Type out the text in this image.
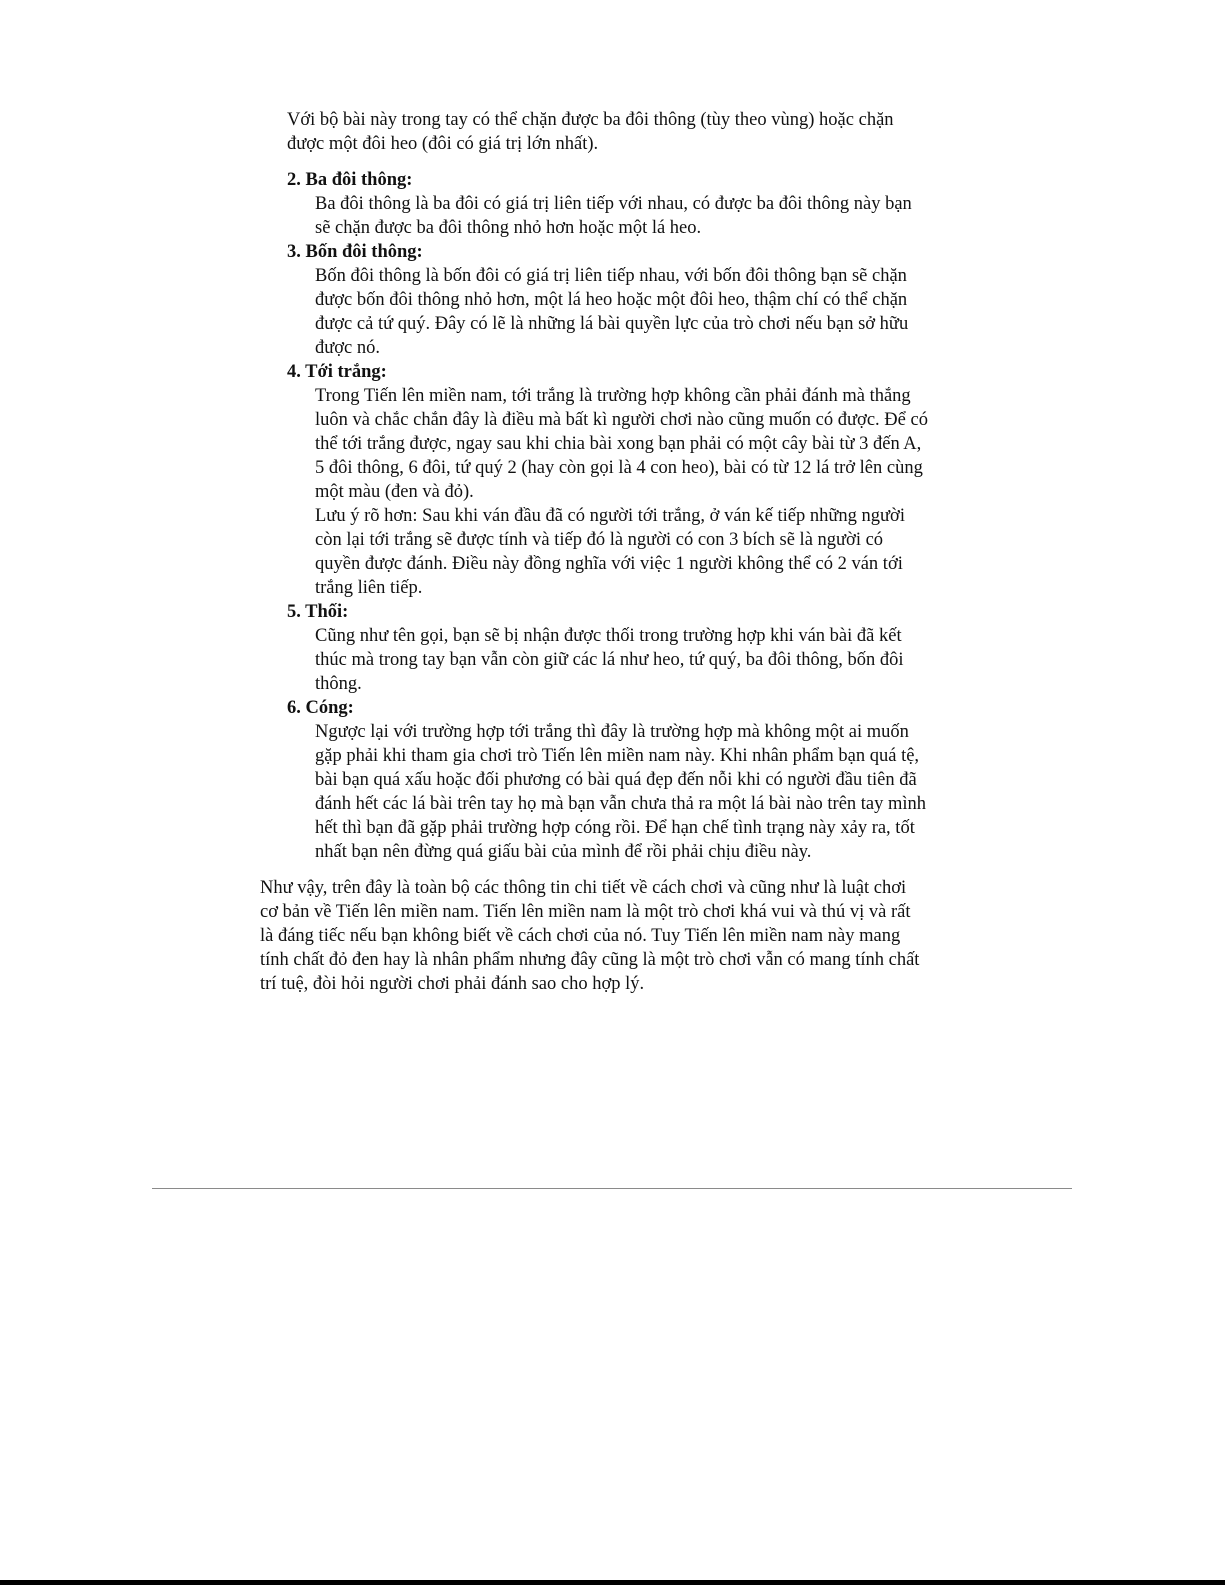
Với bộ bài này trong tay có thể chặn được ba đôi thông (tùy theo vùng) hoặc chặn
được một đôi heo (đôi có giá trị lớn nhất).
2. Ba đôi thông:
Ba đôi thông là ba đôi có giá trị liên tiếp với nhau, có được ba đôi thông này bạn
sẽ chặn được ba đôi thông nhỏ hơn hoặc một lá heo.
3. Bốn đôi thông:
Bốn đôi thông là bốn đôi có giá trị liên tiếp nhau, với bốn đôi thông bạn sẽ chặn
được bốn đôi thông nhỏ hơn, một lá heo hoặc một đôi heo, thậm chí có thể chặn
được cả tứ quý. Đây có lẽ là những lá bài quyền lực của trò chơi nếu bạn sở hữu
được nó.
4. Tới trắng:
Trong Tiến lên miền nam, tới trắng là trường hợp không cần phải đánh mà thắng
luôn và chắc chắn đây là điều mà bất kì người chơi nào cũng muốn có được. Để có
thể tới trắng được, ngay sau khi chia bài xong bạn phải có một cây bài từ 3 đến A,
5 đôi thông, 6 đôi, tứ quý 2 (hay còn gọi là 4 con heo), bài có từ 12 lá trở lên cùng
một màu (đen và đỏ).
Lưu ý rõ hơn: Sau khi ván đầu đã có người tới trắng, ở ván kế tiếp những người
còn lại tới trắng sẽ được tính và tiếp đó là người có con 3 bích sẽ là người có
quyền được đánh. Điều này đồng nghĩa với việc 1 người không thể có 2 ván tới
trắng liên tiếp.
5. Thối:
Cũng như tên gọi, bạn sẽ bị nhận được thối trong trường hợp khi ván bài đã kết
thúc mà trong tay bạn vẫn còn giữ các lá như heo, tứ quý, ba đôi thông, bốn đôi
thông.
6. Cóng:
Ngược lại với trường hợp tới trắng thì đây là trường hợp mà không một ai muốn
gặp phải khi tham gia chơi trò Tiến lên miền nam này. Khi nhân phẩm bạn quá tệ,
bài bạn quá xấu hoặc đối phương có bài quá đẹp đến nỗi khi có người đầu tiên đã
đánh hết các lá bài trên tay họ mà bạn vẫn chưa thả ra một lá bài nào trên tay mình
hết thì bạn đã gặp phải trường hợp cóng rồi. Để hạn chế tình trạng này xảy ra, tốt
nhất bạn nên đừng quá giấu bài của mình để rồi phải chịu điều này.
Như vậy, trên đây là toàn bộ các thông tin chi tiết về cách chơi và cũng như là luật chơi
cơ bản về Tiến lên miền nam. Tiến lên miền nam là một trò chơi khá vui và thú vị và rất
là đáng tiếc nếu bạn không biết về cách chơi của nó. Tuy Tiến lên miền nam này mang
tính chất đỏ đen hay là nhân phẩm nhưng đây cũng là một trò chơi vẫn có mang tính chất
trí tuệ, đòi hỏi người chơi phải đánh sao cho hợp lý.
